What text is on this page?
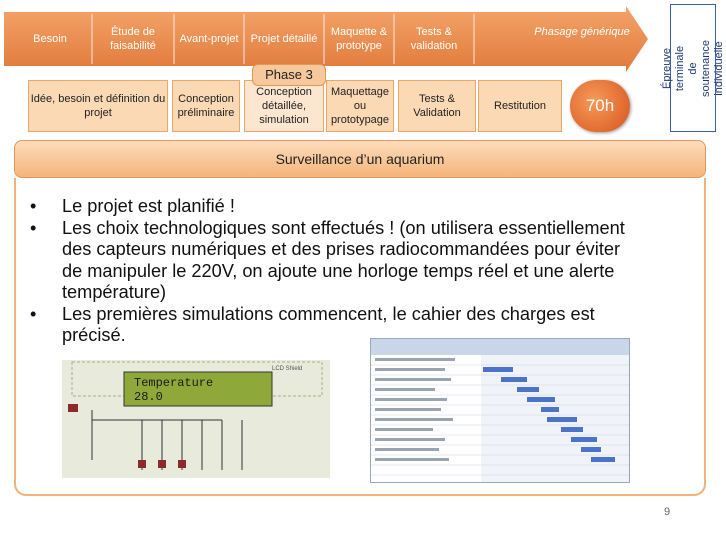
Besoin
Étude de faisabilité
Avant-projet	Projet détaillé
Maquette & prototype
Tests & validation
Phasage générique
Épreuve terminale de soutenance individuelle
Idée, besoin et définition du projet
Conception préliminaire
Conception détaillée, simulation
Maquettage ou prototypage
Tests & Validation
Restitution
Phase 3
70h
Surveillance d’un aquarium
•	Le projet est planifié !
•	Les choix technologiques sont effectués ! (on utilisera essentiellement des capteurs numériques et des prises radiocommandées pour éviter de manipuler le 220V, on ajoute une horloge temps réel et une alerte température)
•	Les premières simulations commencent, le cahier des charges est précisé.
Temperature
28.0
LCD Shield
9
